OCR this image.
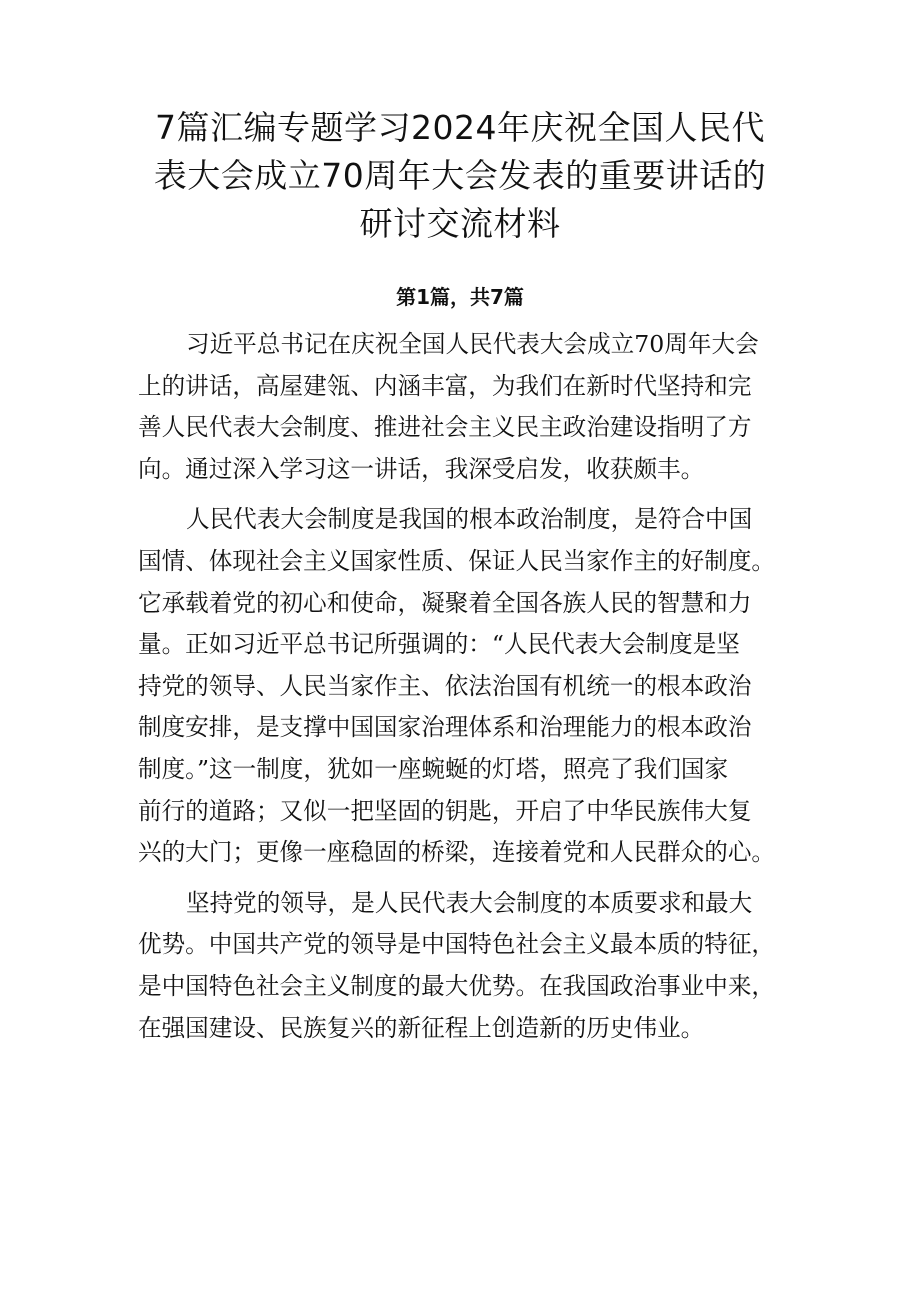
7篇汇编专题学习2024年庆祝全国人民代
表大会成立70周年大会发表的重要讲话的
研讨交流材料
第1篇，共7篇

习近平总书记在庆祝全国人民代表大会成立70周年大会
上的讲话，高屋建瓴、内涵丰富，为我们在新时代坚持和完
善人民代表大会制度、推进社会主义民主政治建设指明了方
向。通过深入学习这一讲话，我深受启发，收获颇丰。

人民代表大会制度是我国的根本政治制度，是符合中国
国情、体现社会主义国家性质、保证人民当家作主的好制度。
它承载着党的初心和使命，凝聚着全国各族人民的智慧和力
量。正如习近平总书记所强调的：“人民代表大会制度是坚
持党的领导、人民当家作主、依法治国有机统一的根本政治
制度安排，是支撑中国国家治理体系和治理能力的根本政治
制度。”这一制度，犹如一座蜿蜒的灯塔，照亮了我们国家
前行的道路；又似一把坚固的钥匙，开启了中华民族伟大复
兴的大门；更像一座稳固的桥梁，连接着党和人民群众的心。

坚持党的领导，是人民代表大会制度的本质要求和最大
优势。中国共产党的领导是中国特色社会主义最本质的特征，
是中国特色社会主义制度的最大优势。在我国政治事业中来，
在强国建设、民族复兴的新征程上创造新的历史伟业。
